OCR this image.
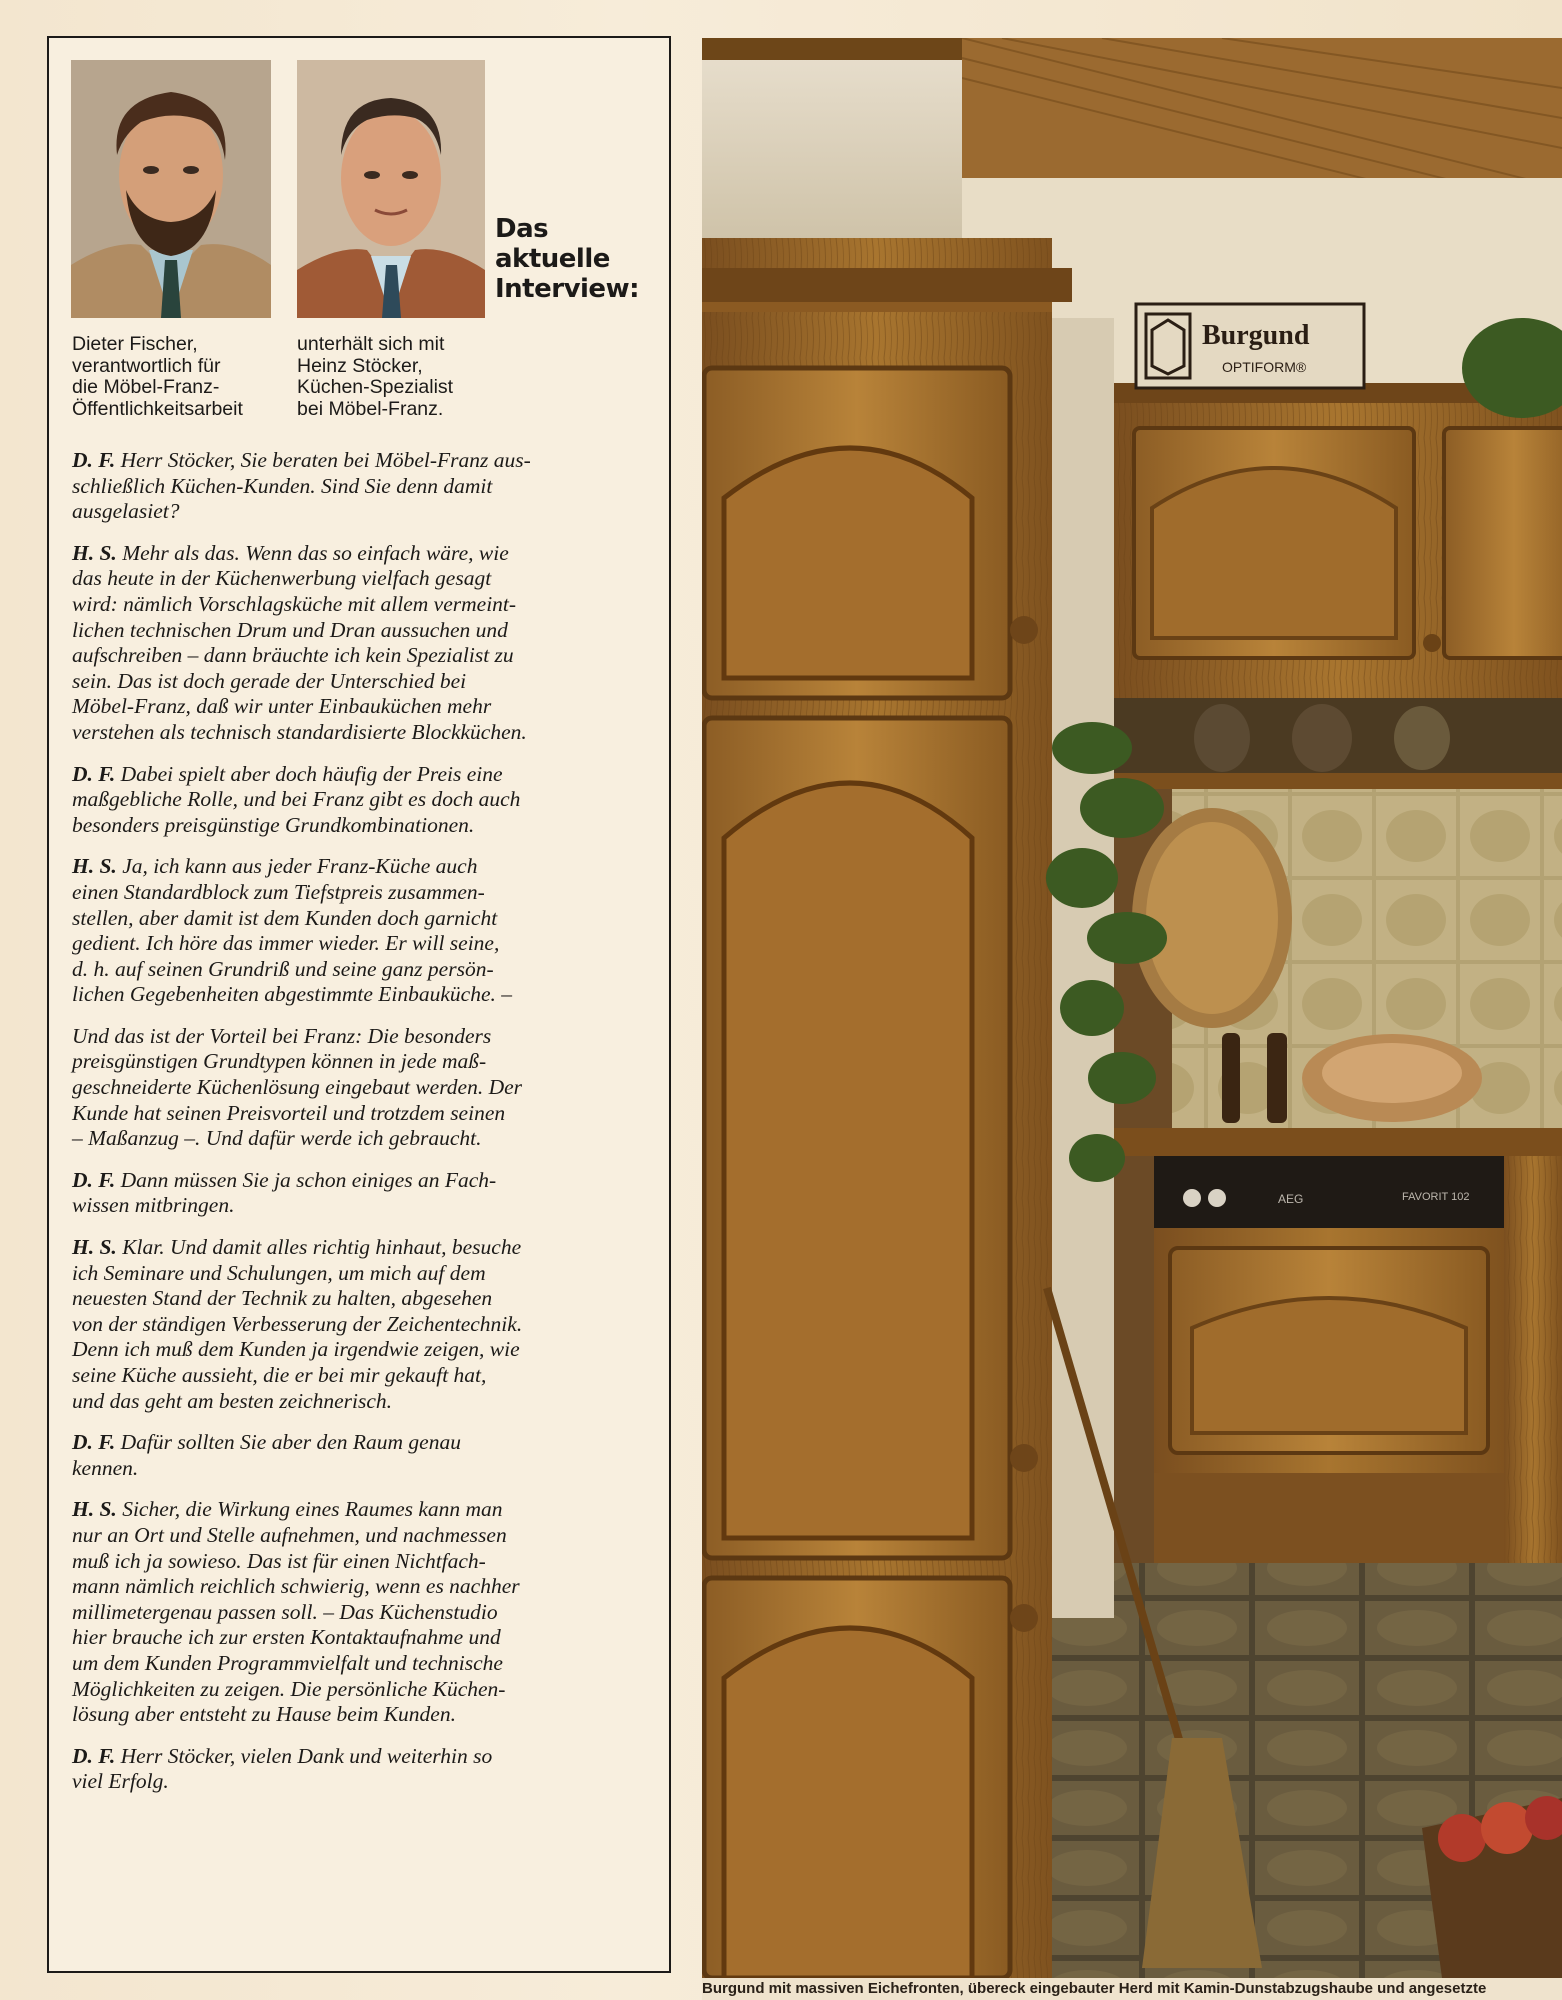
Das
aktuelle
Interview:
Dieter Fischer,
verantwortlich für
die Möbel-Franz-
Öffentlichkeitsarbeit
unterhält sich mit
Heinz Stöcker,
Küchen-Spezialist
bei Möbel-Franz.
D. F. Herr Stöcker, Sie beraten bei Möbel-Franz aus-
schließlich Küchen-Kunden. Sind Sie denn damit
ausgelasiet?
H. S. Mehr als das. Wenn das so einfach wäre, wie
das heute in der Küchenwerbung vielfach gesagt
wird: nämlich Vorschlagsküche mit allem vermeint-
lichen technischen Drum und Dran aussuchen und
aufschreiben – dann bräuchte ich kein Spezialist zu
sein. Das ist doch gerade der Unterschied bei
Möbel-Franz, daß wir unter Einbauküchen mehr
verstehen als technisch standardisierte Blockküchen.
D. F. Dabei spielt aber doch häufig der Preis eine
maßgebliche Rolle, und bei Franz gibt es doch auch
besonders preisgünstige Grundkombinationen.
H. S. Ja, ich kann aus jeder Franz-Küche auch
einen Standardblock zum Tiefstpreis zusammen-
stellen, aber damit ist dem Kunden doch garnicht
gedient. Ich höre das immer wieder. Er will seine,
d. h. auf seinen Grundriß und seine ganz persön-
lichen Gegebenheiten abgestimmte Einbauküche. –
Und das ist der Vorteil bei Franz: Die besonders
preisgünstigen Grundtypen können in jede maß-
geschneiderte Küchenlösung eingebaut werden. Der
Kunde hat seinen Preisvorteil und trotzdem seinen
– Maßanzug –. Und dafür werde ich gebraucht.
D. F. Dann müssen Sie ja schon einiges an Fach-
wissen mitbringen.
H. S. Klar. Und damit alles richtig hinhaut, besuche
ich Seminare und Schulungen, um mich auf dem
neuesten Stand der Technik zu halten, abgesehen
von der ständigen Verbesserung der Zeichentechnik.
Denn ich muß dem Kunden ja irgendwie zeigen, wie
seine Küche aussieht, die er bei mir gekauft hat,
und das geht am besten zeichnerisch.
D. F. Dafür sollten Sie aber den Raum genau
kennen.
H. S. Sicher, die Wirkung eines Raumes kann man
nur an Ort und Stelle aufnehmen, und nachmessen
muß ich ja sowieso. Das ist für einen Nichtfach-
mann nämlich reichlich schwierig, wenn es nachher
millimetergenau passen soll. – Das Küchenstudio
hier brauche ich zur ersten Kontaktaufnahme und
um dem Kunden Programmvielfalt und technische
Möglichkeiten zu zeigen. Die persönliche Küchen-
lösung aber entsteht zu Hause beim Kunden.
D. F. Herr Stöcker, vielen Dank und weiterhin so
viel Erfolg.
AEG	FAVORIT 102
Burgund
OPTIFORM®
Burgund mit massiven Eichefronten, übereck eingebauter Herd mit Kamin-Dunstabzugshaube und angesetzte
